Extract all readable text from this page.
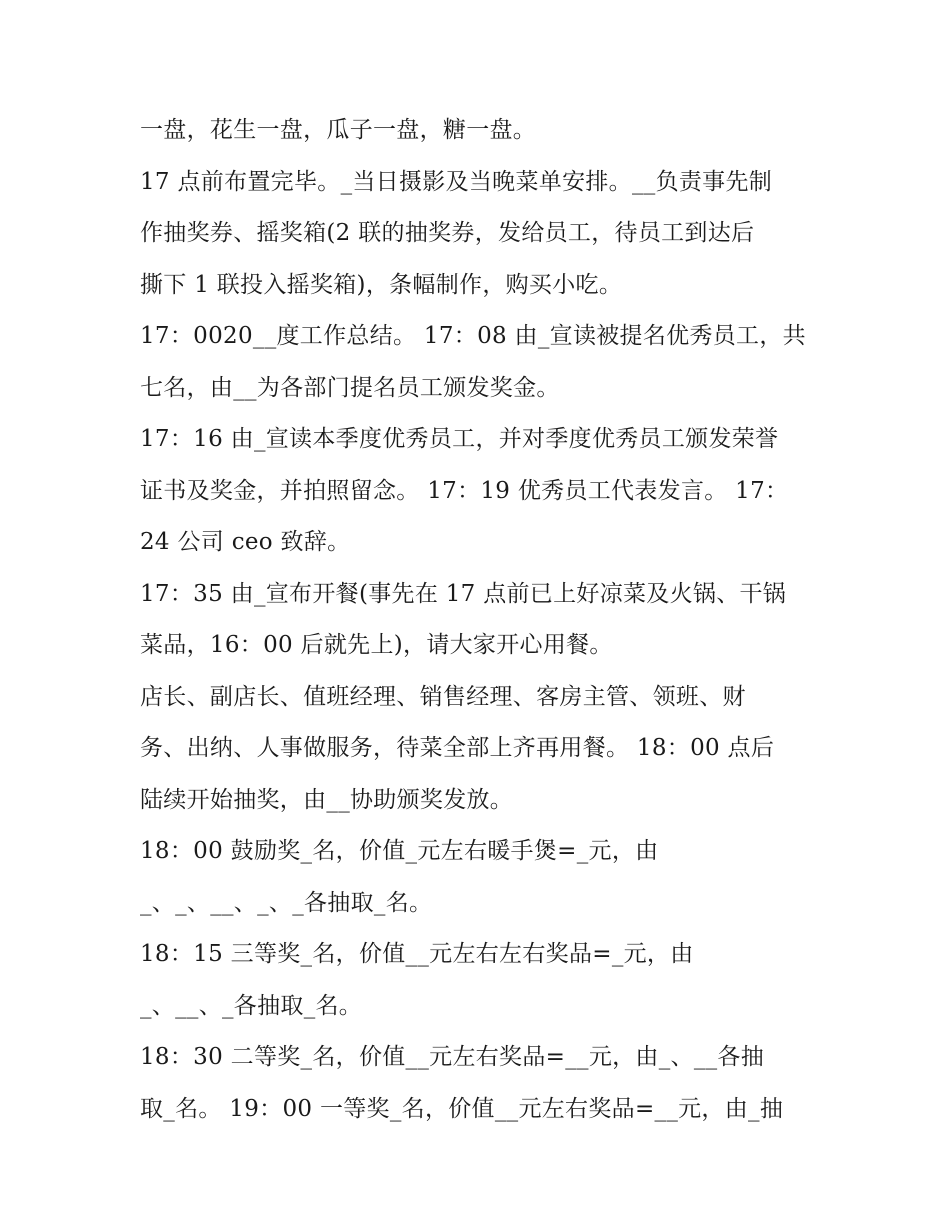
一盘，花生一盘，瓜子一盘，糖一盘。
17 点前布置完毕。_当日摄影及当晚菜单安排。__负责事先制
作抽奖券、摇奖箱(2 联的抽奖券，发给员工，待员工到达后
撕下 1 联投入摇奖箱)，条幅制作，购买小吃。
17：0020__度工作总结。 17：08 由_宣读被提名优秀员工，共
七名，由__为各部门提名员工颁发奖金。
17：16 由_宣读本季度优秀员工，并对季度优秀员工颁发荣誉
证书及奖金，并拍照留念。 17：19 优秀员工代表发言。 17：
24 公司 ceo 致辞。
17：35 由_宣布开餐(事先在 17 点前已上好凉菜及火锅、干锅
菜品，16：00 后就先上)，请大家开心用餐。
店长、副店长、值班经理、销售经理、客房主管、领班、财
务、出纳、人事做服务，待菜全部上齐再用餐。 18：00 点后
陆续开始抽奖，由__协助颁奖发放。
18：00 鼓励奖_名，价值_元左右暖手煲=_元，由
_、_、__、_、_各抽取_名。
18：15 三等奖_名，价值__元左右左右奖品=_元，由
_、__、_各抽取_名。
18：30 二等奖_名，价值__元左右奖品=__元，由_、__各抽
取_名。 19：00 一等奖_名，价值__元左右奖品=__元，由_抽
